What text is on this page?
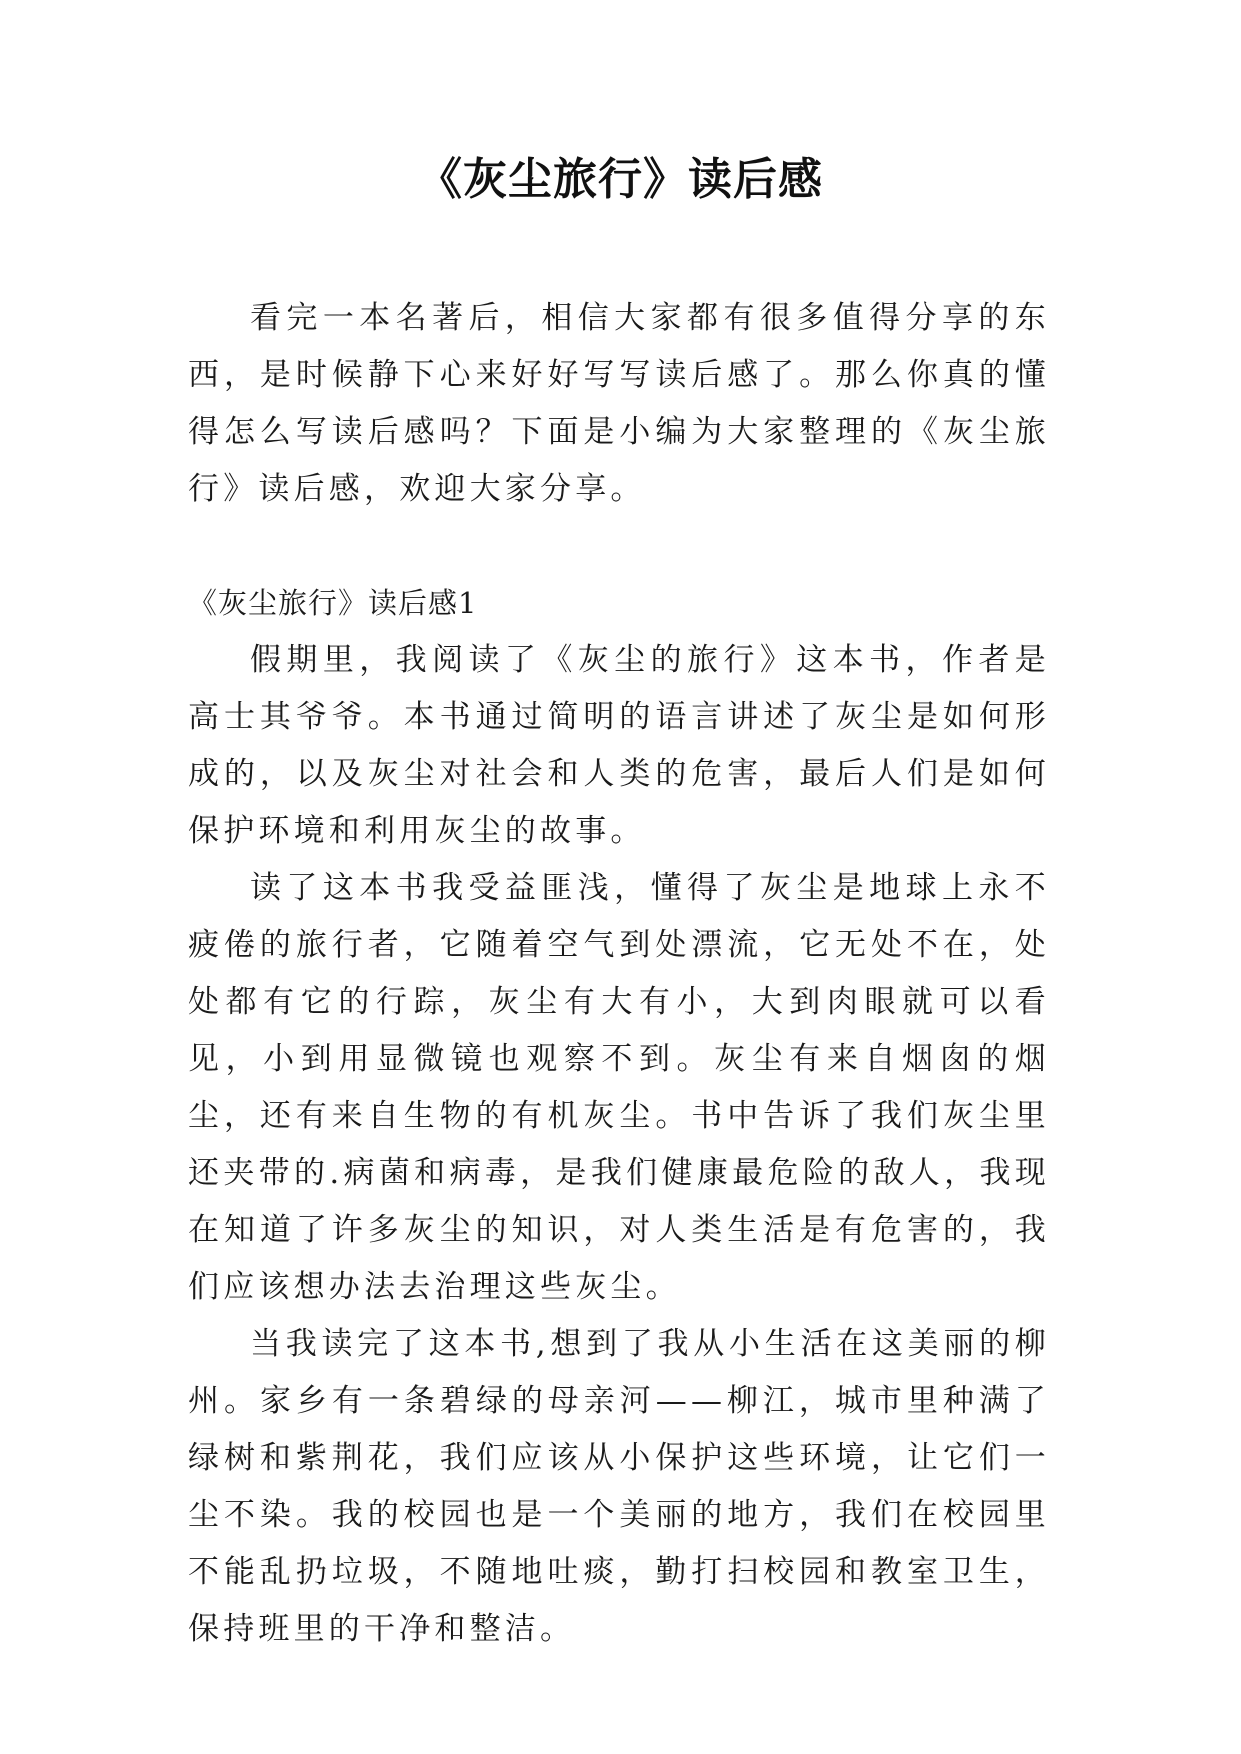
《灰尘旅行》读后感

看完一本名著后，相信大家都有很多值得分享的东西，是时候静下心来好好写写读后感了。那么你真的懂得怎么写读后感吗？下面是小编为大家整理的《灰尘旅行》读后感，欢迎大家分享。

《灰尘旅行》读后感1

假期里，我阅读了《灰尘的旅行》这本书，作者是高士其爷爷。本书通过简明的语言讲述了灰尘是如何形成的，以及灰尘对社会和人类的危害，最后人们是如何保护环境和利用灰尘的故事。

读了这本书我受益匪浅，懂得了灰尘是地球上永不疲倦的旅行者，它随着空气到处漂流，它无处不在，处处都有它的行踪，灰尘有大有小，大到肉眼就可以看见，小到用显微镜也观察不到。灰尘有来自烟囱的烟尘，还有来自生物的有机灰尘。书中告诉了我们灰尘里还夹带的.病菌和病毒，是我们健康最危险的敌人，我现在知道了许多灰尘的知识，对人类生活是有危害的，我们应该想办法去治理这些灰尘。

当我读完了这本书,想到了我从小生活在这美丽的柳州。家乡有一条碧绿的母亲河——柳江，城市里种满了绿树和紫荆花，我们应该从小保护这些环境，让它们一尘不染。我的校园也是一个美丽的地方，我们在校园里不能乱扔垃圾，不随地吐痰，勤打扫校园和教室卫生，保持班里的干净和整洁。
